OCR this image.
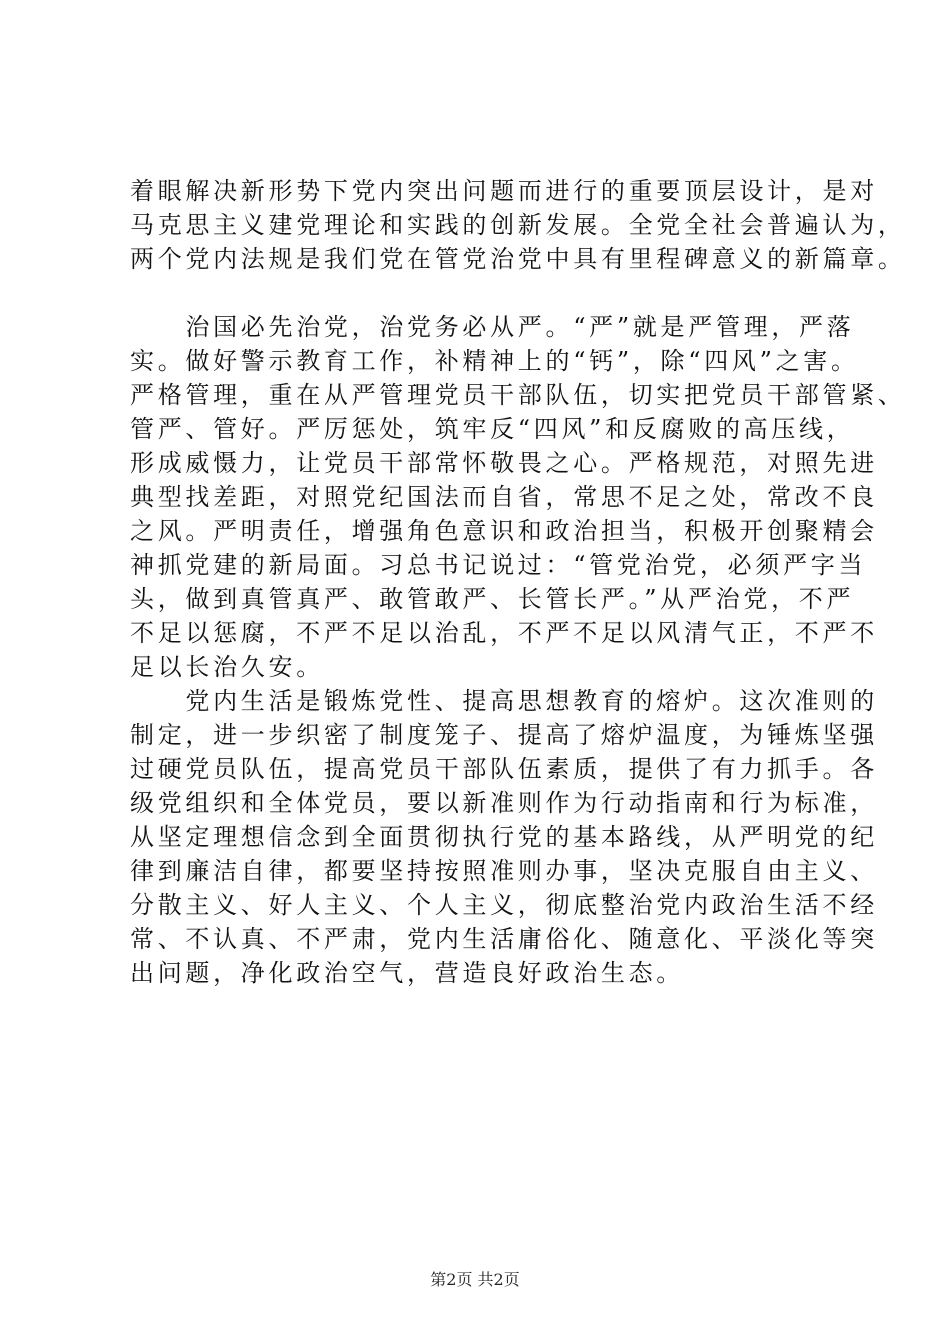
着眼解决新形势下党内突出问题而进行的重要顶层设计，是对
马克思主义建党理论和实践的创新发展。全党全社会普遍认为，
两个党内法规是我们党在管党治党中具有里程碑意义的新篇章。
　　治国必先治党，治党务必从严。“严”就是严管理，严落
实。做好警示教育工作，补精神上的“钙”，除“四风”之害。
严格管理，重在从严管理党员干部队伍，切实把党员干部管紧、
管严、管好。严厉惩处，筑牢反“四风”和反腐败的高压线，
形成威慑力，让党员干部常怀敬畏之心。严格规范，对照先进
典型找差距，对照党纪国法而自省，常思不足之处，常改不良
之风。严明责任，增强角色意识和政治担当，积极开创聚精会
神抓党建的新局面。习总书记说过：“管党治党，必须严字当
头，做到真管真严、敢管敢严、长管长严。”从严治党，不严
不足以惩腐，不严不足以治乱，不严不足以风清气正，不严不
足以长治久安。
　　党内生活是锻炼党性、提高思想教育的熔炉。这次准则的
制定，进一步织密了制度笼子、提高了熔炉温度，为锤炼坚强
过硬党员队伍，提高党员干部队伍素质，提供了有力抓手。各
级党组织和全体党员，要以新准则作为行动指南和行为标准，
从坚定理想信念到全面贯彻执行党的基本路线，从严明党的纪
律到廉洁自律，都要坚持按照准则办事，坚决克服自由主义、
分散主义、好人主义、个人主义，彻底整治党内政治生活不经
常、不认真、不严肃，党内生活庸俗化、随意化、平淡化等突
出问题，净化政治空气，营造良好政治生态。
第2页 共2页
